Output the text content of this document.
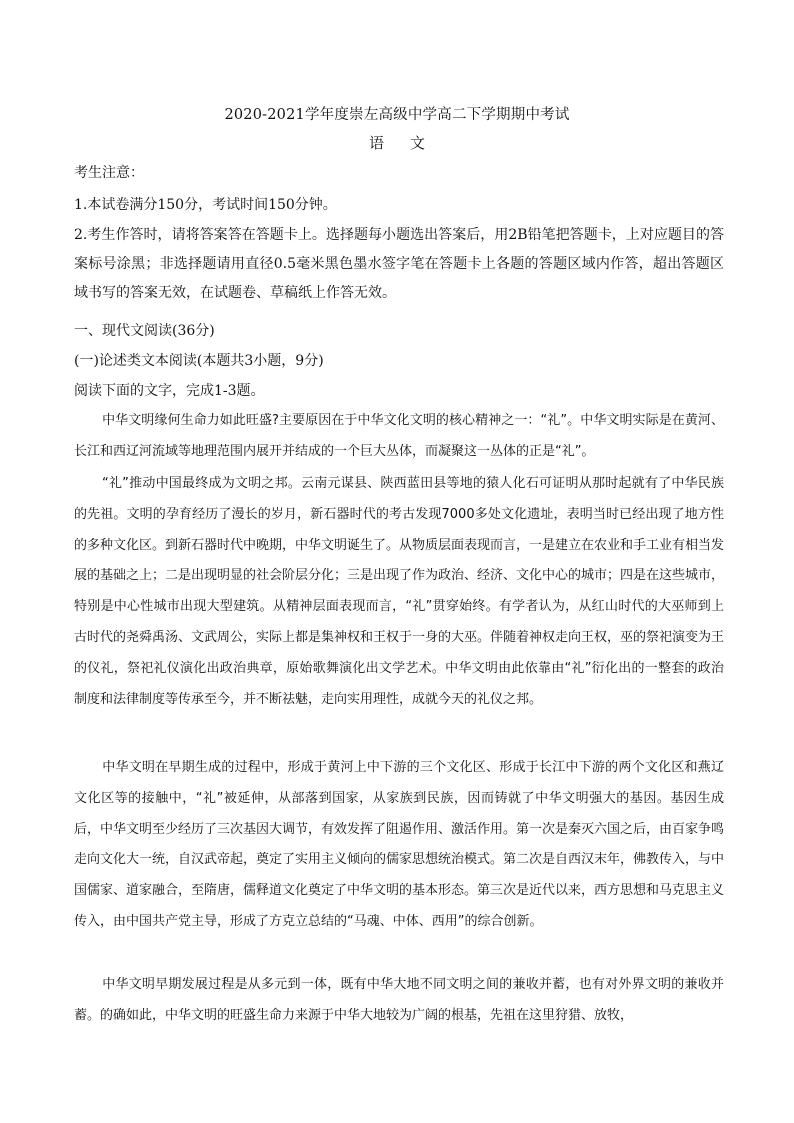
2020-2021学年度崇左高级中学高二下学期期中考试
语 文
考生注意：
1.本试卷满分150分，考试时间150分钟。
2.考生作答时，请将答案答在答题卡上。选择题每小题选出答案后，用2B铅笔把答题卡，上对应题目的答案标号涂黑；非选择题请用直径0.5毫米黑色墨水签字笔在答题卡上各题的答题区域内作答，超出答题区域书写的答案无效，在试题卷、草稿纸上作答无效。
一、现代文阅读(36分)
(一)论述类文本阅读(本题共3小题，9分)
阅读下面的文字，完成1-3题。
中华文明缘何生命力如此旺盛?主要原因在于中华文化文明的核心精神之一：“礼”。中华文明实际是在黄河、长江和西辽河流域等地理范围内展开并结成的一个巨大丛体，而凝聚这一丛体的正是“礼”。
“礼”推动中国最终成为文明之邦。云南元谋县、陕西蓝田县等地的猿人化石可证明从那时起就有了中华民族的先祖。文明的孕育经历了漫长的岁月，新石器时代的考古发现7000多处文化遗址，表明当时已经出现了地方性的多种文化区。到新石器时代中晚期，中华文明诞生了。从物质层面表现而言，一是建立在农业和手工业有相当发展的基础之上；二是出现明显的社会阶层分化；三是出现了作为政治、经济、文化中心的城市；四是在这些城市，特别是中心性城市出现大型建筑。从精神层面表现而言，“礼”贯穿始终。有学者认为，从红山时代的大巫师到上古时代的尧舜禹汤、文武周公，实际上都是集神权和王权于一身的大巫。伴随着神权走向王权，巫的祭祀演变为王的仪礼，祭祀礼仪演化出政治典章，原始歌舞演化出文学艺术。中华文明由此依靠由“礼”衍化出的一整套的政治制度和法律制度等传承至今，并不断祛魅，走向实用理性，成就今天的礼仪之邦。
中华文明在早期生成的过程中，形成于黄河上中下游的三个文化区、形成于长江中下游的两个文化区和燕辽文化区等的接触中，“礼”被延伸，从部落到国家，从家族到民族，因而铸就了中华文明强大的基因。基因生成后，中华文明至少经历了三次基因大调节，有效发挥了阻遏作用、激活作用。第一次是秦灭六国之后，由百家争鸣走向文化大一统，自汉武帝起，奠定了实用主义倾向的儒家思想统治模式。第二次是自西汉末年，佛教传入，与中国儒家、道家融合，至隋唐，儒释道文化奠定了中华文明的基本形态。第三次是近代以来，西方思想和马克思主义传入，由中国共产党主导，形成了方克立总结的“马魂、中体、西用”的综合创新。
中华文明早期发展过程是从多元到一体，既有中华大地不同文明之间的兼收并蓄，也有对外界文明的兼收并蓄。的确如此，中华文明的旺盛生命力来源于中华大地较为广阔的根基，先祖在这里狩猎、放牧，
